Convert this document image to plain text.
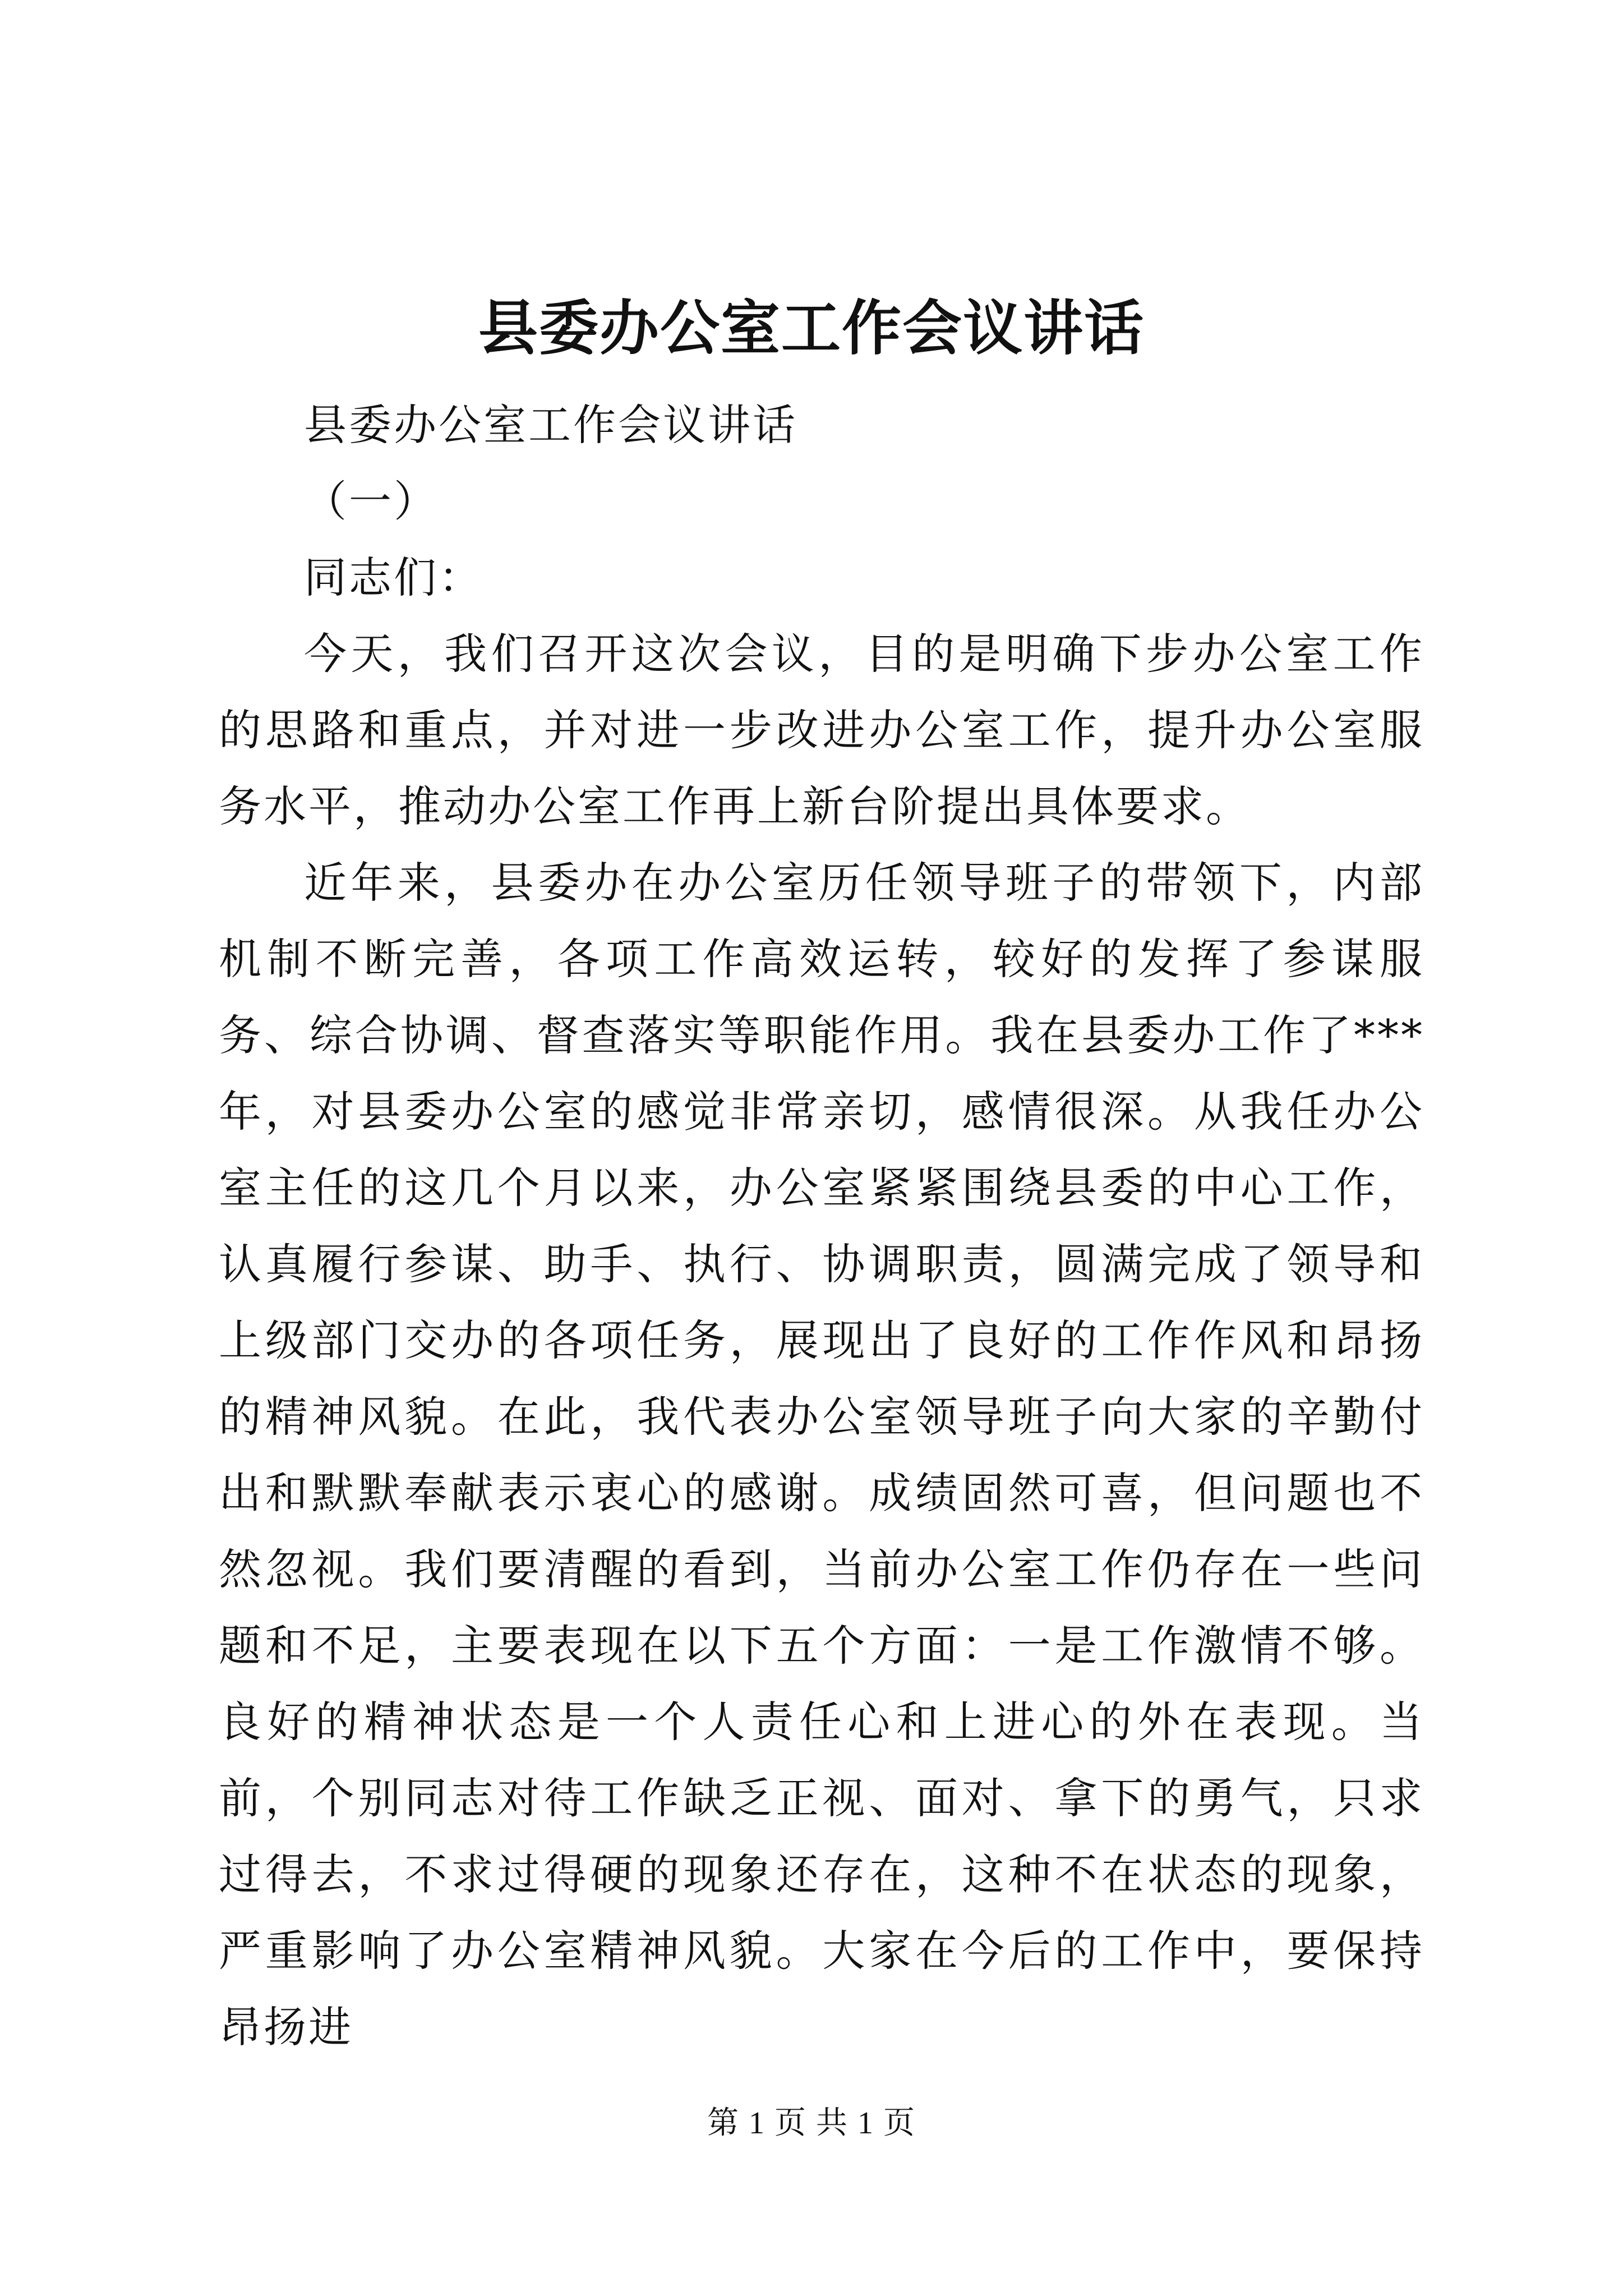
县委办公室工作会议讲话

县委办公室工作会议讲话

（一）

同志们：

今天，我们召开这次会议，目的是明确下步办公室工作的思路和重点，并对进一步改进办公室工作，提升办公室服务水平，推动办公室工作再上新台阶提出具体要求。

近年来，县委办在办公室历任领导班子的带领下，内部机制不断完善，各项工作高效运转，较好的发挥了参谋服务、综合协调、督查落实等职能作用。我在县委办工作了***年，对县委办公室的感觉非常亲切，感情很深。从我任办公室主任的这几个月以来，办公室紧紧围绕县委的中心工作，认真履行参谋、助手、执行、协调职责，圆满完成了领导和上级部门交办的各项任务，展现出了良好的工作作风和昂扬的精神风貌。在此，我代表办公室领导班子向大家的辛勤付出和默默奉献表示衷心的感谢。成绩固然可喜，但问题也不然忽视。我们要清醒的看到，当前办公室工作仍存在一些问题和不足，主要表现在以下五个方面：一是工作激情不够。良好的精神状态是一个人责任心和上进心的外在表现。当前，个别同志对待工作缺乏正视、面对、拿下的勇气，只求过得去，不求过得硬的现象还存在，这种不在状态的现象，严重影响了办公室精神风貌。大家在今后的工作中，要保持昂扬进

第 1 页 共 1 页
